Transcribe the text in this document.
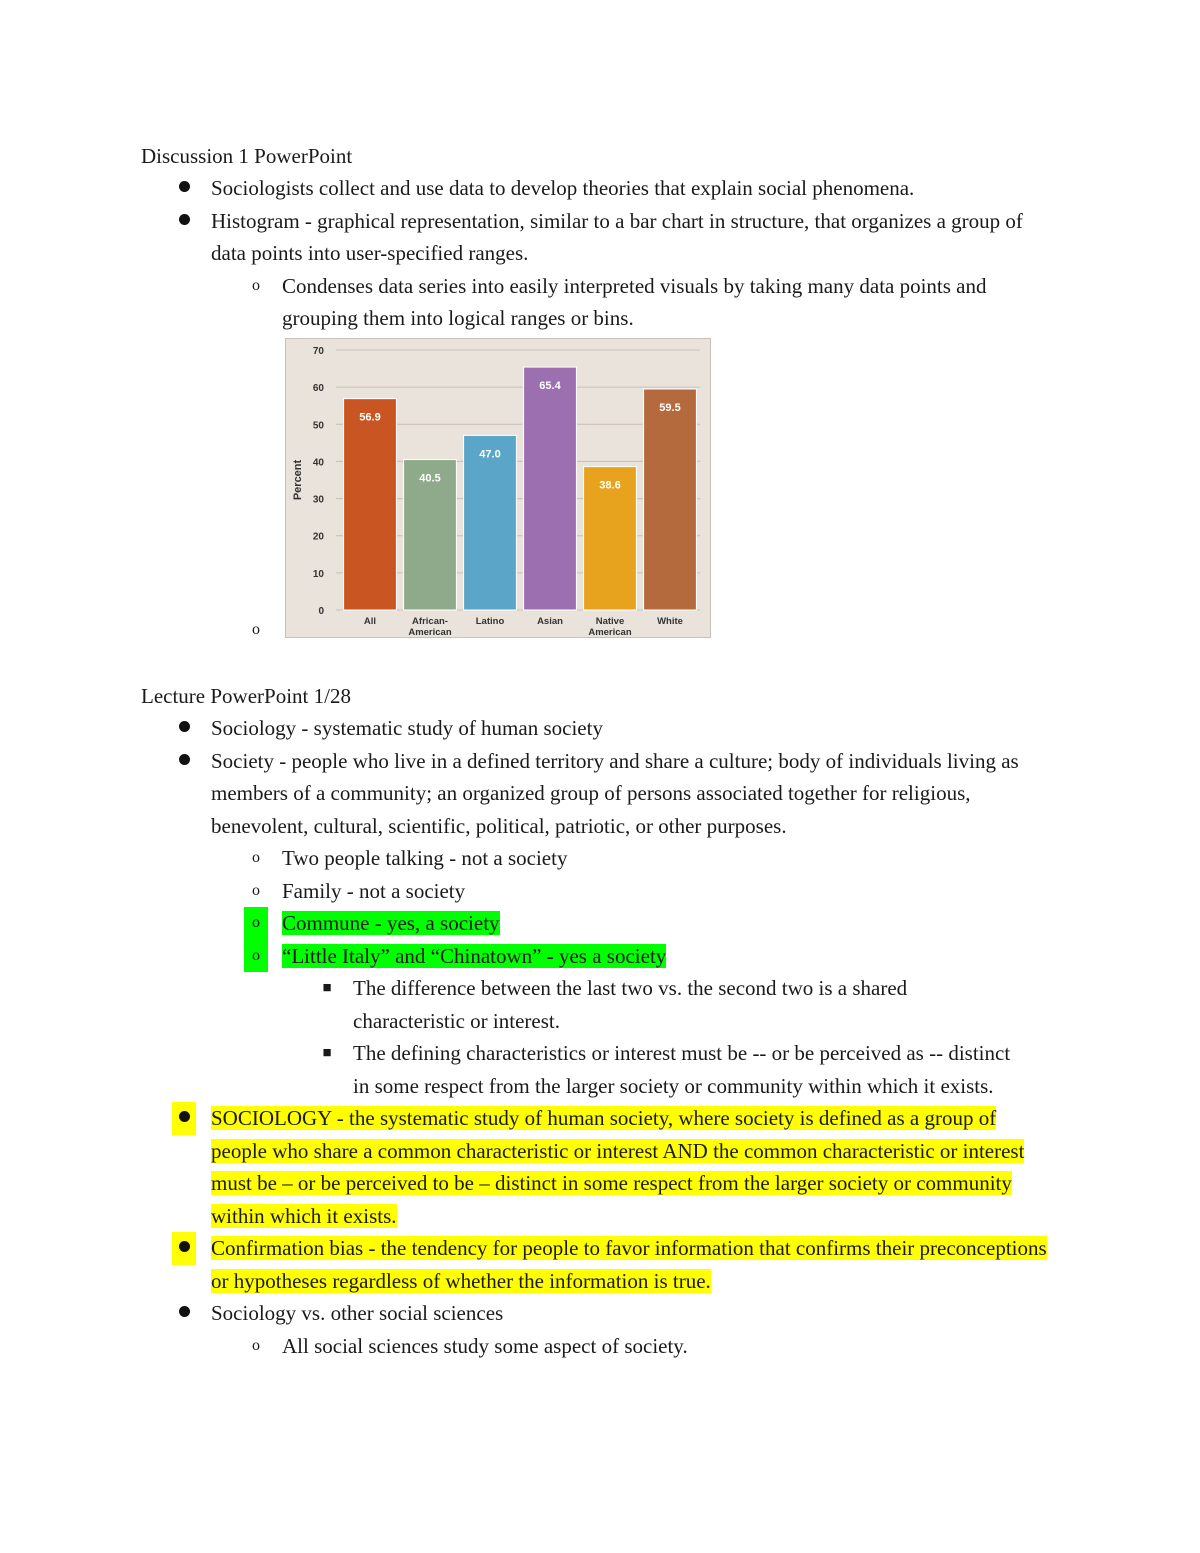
Discussion 1 PowerPoint
Sociologists collect and use data to develop theories that explain social phenomena.
Histogram - graphical representation, similar to a bar chart in structure, that organizes a group of data points into user-specified ranges.
o	Condenses data series into easily interpreted visuals by taking many data points and grouping them into logical ranges or bins.
o
0
10
20
30
40
50
60
70
Percent
56.9
All
40.5
African-
American
47.0
Latino
65.4
Asian
38.6
Native
American
59.5
White
Lecture PowerPoint 1/28
Sociology - systematic study of human society
Society - people who live in a defined territory and share a culture; body of individuals living as members of a community; an organized group of persons associated together for religious, benevolent, cultural, scientific, political, patriotic, or other purposes.
o	Two people talking - not a society
o	Family - not a society
o	Commune - yes, a society
o	“Little Italy” and “Chinatown” - yes a society
■	The difference between the last two vs. the second two is a shared characteristic or interest.
■	The defining characteristics or interest must be -- or be perceived as -- distinct in some respect from the larger society or community within which it exists.
SOCIOLOGY - the systematic study of human society, where society is defined as a group of people who share a common characteristic or interest AND the common characteristic or interest must be – or be perceived to be – distinct in some respect from the larger society or community within which it exists.
Confirmation bias - the tendency for people to favor information that confirms their preconceptions or hypotheses regardless of whether the information is true.
Sociology vs. other social sciences
o	All social sciences study some aspect of society.
